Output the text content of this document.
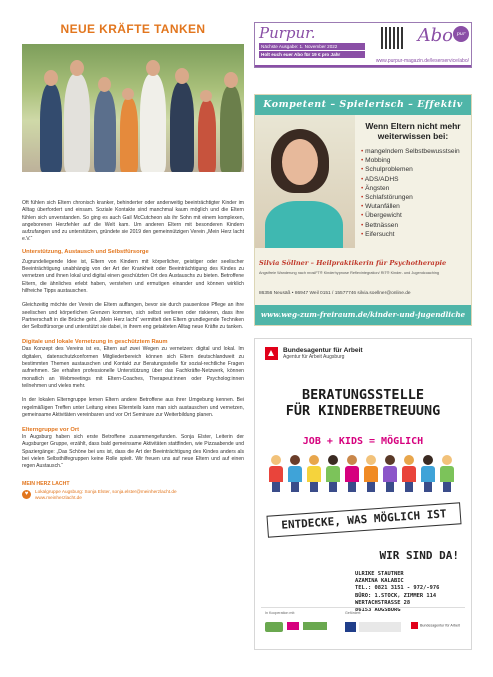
NEUE KRÄFTE TANKEN
Oft fühlen sich Eltern chronisch kranker, behinderter oder anderweitig beeinträchtigter Kinder im Alltag überfordert und einsam. Soziale Kontakte sind manchmal kaum möglich und die Eltern fühlen sich unverstanden. So ging es auch Gail McCutcheon als ihr Sohn mit einem komplexen, angeborenen Herzfehler auf die Welt kam. Um anderen Eltern mit besonderen Kindern aufzufangen und zu unterstützen, gründete sie 2019 den gemeinnützigen Verein „Mein Herz lacht e.V.“
Unterstützung, Austausch und Selbstfürsorge
Zugrundeliegende Idee ist, Eltern von Kindern mit körperlicher, geistiger oder seelischer Beeinträchtigung unabhängig von der Art der Krankheit oder Beeinträchtigung des Kindes zu vernetzen und ihnen lokal und digital einen geschützten Ort des Austauschs zu bieten. Betroffene Eltern, die ähnliches erlebt haben, verstehen und ermutigen einander und können wirklich hilfreiche Tipps austauschen.
Gleichzeitig möchte der Verein die Eltern auffangen, bevor sie durch pausenlose Pflege an ihre seelischen und körperlichen Grenzen kommen, sich selbst verlieren oder riskieren, dass ihre Partnerschaft in die Brüche geht. „Mein Herz lacht“ vermittelt den Eltern grundlegende Techniken der Selbstfürsorge und unterstützt sie dabei, in ihrem eng getakteten Alltag neue Kräfte zu tanken.
Digitale und lokale Vernetzung in geschütztem Raum
Das Konzept des Vereins ist es, Eltern auf zwei Wegen zu vernetzen: digital und lokal. Im digitalen, datenschutzkonformen Mitgliederbereich können sich Eltern deutschlandweit zu bestimmten Themen austauschen und Kontakt zur Beratungsstelle für sozial-rechtliche Fragen aufnehmen. Sie erhalten professionelle Unterstützung über das Fachkräfte-Netzwerk, können monatlich an Webmeetings mit Eltern-Coaches, Therapeut:innen oder Psycholog:innen teilnehmen und vieles mehr.
In der lokalen Elterngruppe lernen Eltern andere Betroffene aus ihrer Umgebung kennen. Bei regelmäßigen Treffen unter Leitung eines Elternteils kann man sich austauschen und vernetzen, gemeinsame Aktivitäten vereinbaren und vor Ort Seminare zur Weiterbildung planen.
Elterngruppe vor Ort
In Augsburg haben sich erste Betroffene zusammengefunden. Sonja Elster, Leiterin der Augsburger Gruppe, erzählt, dass bald gemeinsame Aktivitäten stattfinden, wie Pizzaabende und Spaziergänge: „Das Schöne bei uns ist, dass die Art der Beeinträchtigung des Kindes anders als bei vielen Selbsthilfegruppen keine Rolle spielt. Wir freuen uns auf neue Eltern und auf einen regen Austausch.“
MEIN HERZ LACHT
♥	Lokalgruppe Augsburg: Sonja Elster, sonja.elster@meinherzlacht.de
www.meinherzlacht.de
Purpur.
Nächste Ausgabe: 1. November 2022
Holt euch euer Abo für 19 € pro Jahr
Abo pur
www.purpur-magazin.de/leserservice/abo/
Kompetent – Spielerisch – Effektiv
Wenn Eltern nicht mehr weiterwissen bei:
• mangelndem Selbstbewusstsein
• Mobbing
• Schulproblemen
• ADS/ADHS
• Ängsten
• Schlafstörungen
• Wutanfällen
• Übergewicht
• Bettnässen
• Eifersucht
Silvia Söllner – Heilpraktikerin für Psychotherapie
Angstfreie Wanderung nach nrosiFT® Kinderhypnose Reflexintegration/ RIT® Kinder- und Jugendcoaching
86356 Neusäß • 86947 Weil 0151 / 15577746 silvia.soellner@online.de
www.weg-zum-freiraum.de/kinder-und-jugendliche
Bundesagentur für Arbeit
Agentur für Arbeit Augsburg
BERATUNGSSTELLE
FÜR KINDERBETREUUNG
JOB + KIDS = MÖGLICH
ENTDECKE, WAS MÖGLICH IST
WIR SIND DA!
ULRIKE STAUTNER
AZAMINA KALABIC
TEL.: 0821 3151 - 972/-976
BÜRO: 1.STOCK, ZIMMER 114
WERTACHSTRASSE 28
86153 AUGSBURG
In Kooperation mit:	Gefördert:
Bundesagentur für Arbeit
